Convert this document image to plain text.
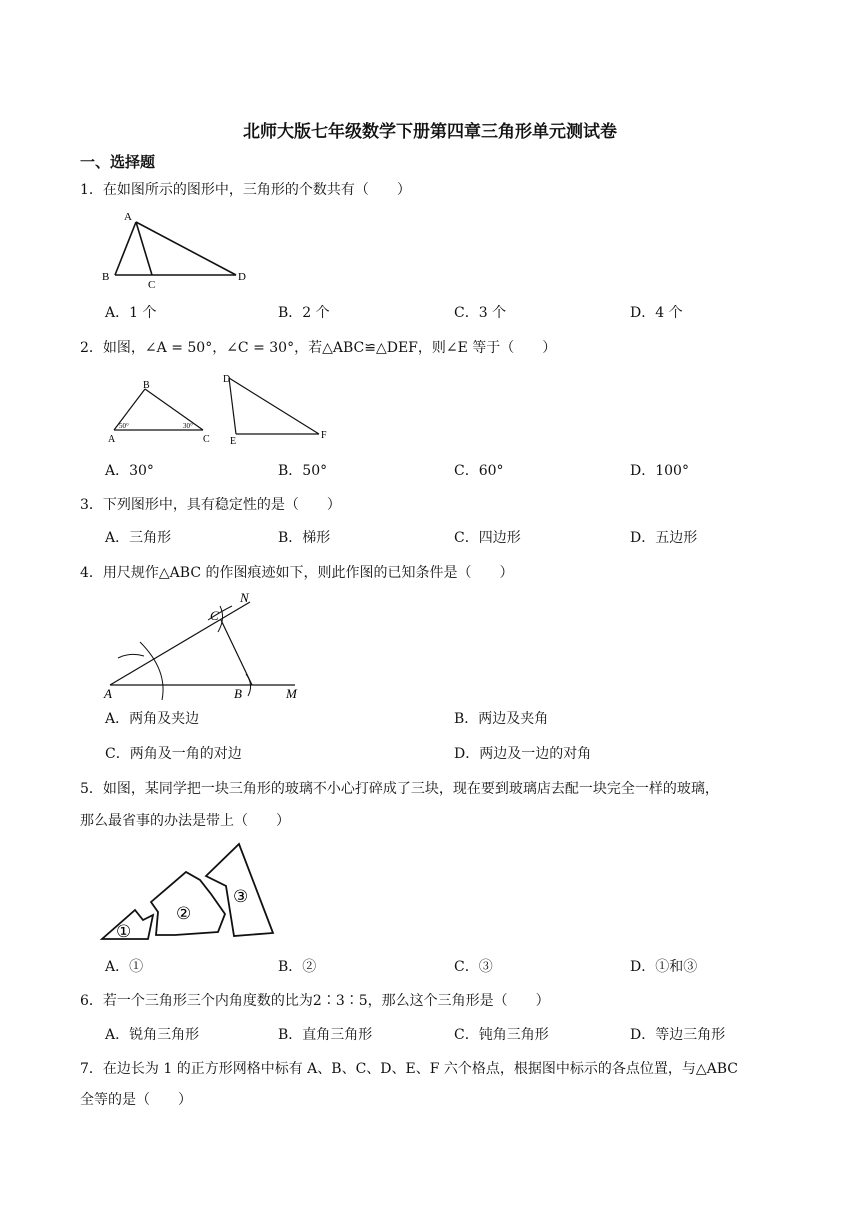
北师大版七年级数学下册第四章三角形单元测试卷
一、选择题
1．在如图所示的图形中，三角形的个数共有（　　）
A
B
C
D
A．1 个	B．2 个	C．3 个	D．4 个
2．如图，∠A = 50°，∠C = 30°，若△ABC≌△DEF，则∠E 等于（　　）
B
A	C
50°	30°
D
E
F
A．30°	B．50°	C．60°	D．100°
3．下列图形中，具有稳定性的是（　　）
A．三角形	B．梯形	C．四边形	D．五边形
4．用尺规作△ABC 的作图痕迹如下，则此作图的已知条件是（　　）
A	B
C
M
N
A．两角及夹边	B．两边及夹角
C．两角及一角的对边	D．两边及一边的对角
5．如图，某同学把一块三角形的玻璃不小心打碎成了三块，现在要到玻璃店去配一块完全一样的玻璃，
那么最省事的办法是带上（　　）
①
②
③
A．①	B．②	C．③	D．①和③
6．若一个三角形三个内角度数的比为2∶3∶5，那么这个三角形是（　　）
A．锐角三角形	B．直角三角形	C．钝角三角形	D．等边三角形
7．在边长为 1 的正方形网格中标有 A、B、C、D、E、F 六个格点，根据图中标示的各点位置，与△ABC
全等的是（　　）
